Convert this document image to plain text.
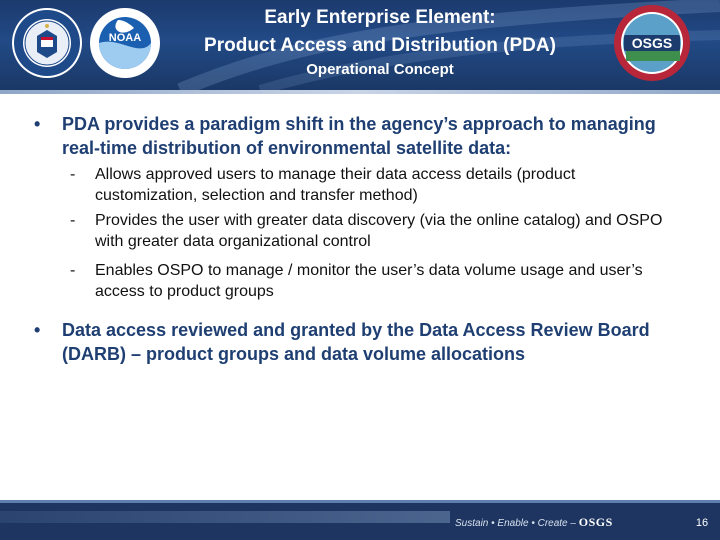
NOAA	OSGS
Early Enterprise Element:
Product Access and Distribution (PDA)
Operational Concept
• PDA provides a paradigm shift in the agency’s approach to managing real-time distribution of environmental satellite data:
- Allows approved users to manage their data access details (product customization, selection and transfer method)
- Provides the user with greater data discovery (via the online catalog) and OSPO with greater data organizational control
- Enables OSPO to manage / monitor the user’s data volume usage and user’s access to product groups
• Data access reviewed and granted by the Data Access Review Board (DARB) – product groups and data volume allocations
Sustain • Enable • Create – OSGS	16
